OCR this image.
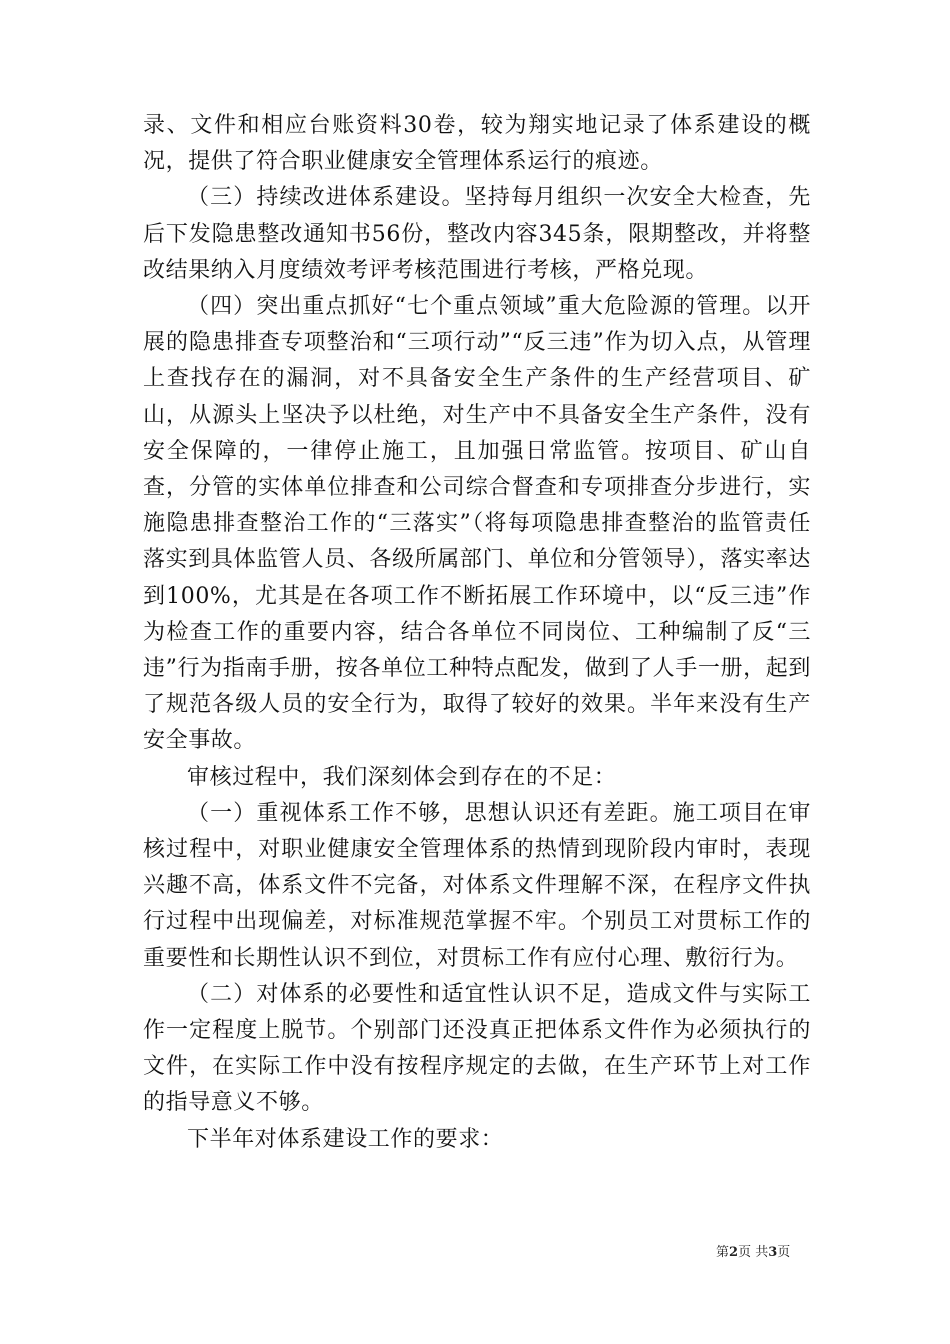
录、文件和相应台账资料30卷，较为翔实地记录了体系建设的概况，提供了符合职业健康安全管理体系运行的痕迹。

（三）持续改进体系建设。坚持每月组织一次安全大检查，先后下发隐患整改通知书56份，整改内容345条，限期整改，并将整改结果纳入月度绩效考评考核范围进行考核，严格兑现。

（四）突出重点抓好“七个重点领域”重大危险源的管理。以开展的隐患排查专项整治和“三项行动”“反三违”作为切入点，从管理上查找存在的漏洞，对不具备安全生产条件的生产经营项目、矿山，从源头上坚决予以杜绝，对生产中不具备安全生产条件，没有安全保障的，一律停止施工，且加强日常监管。按项目、矿山自查，分管的实体单位排查和公司综合督查和专项排查分步进行，实施隐患排查整治工作的“三落实”（将每项隐患排查整治的监管责任落实到具体监管人员、各级所属部门、单位和分管领导），落实率达到100%，尤其是在各项工作不断拓展工作环境中，以“反三违”作为检查工作的重要内容，结合各单位不同岗位、工种编制了反“三违”行为指南手册，按各单位工种特点配发，做到了人手一册，起到了规范各级人员的安全行为，取得了较好的效果。半年来没有生产安全事故。

审核过程中，我们深刻体会到存在的不足：

（一）重视体系工作不够，思想认识还有差距。施工项目在审核过程中，对职业健康安全管理体系的热情到现阶段内审时，表现兴趣不高，体系文件不完备，对体系文件理解不深，在程序文件执行过程中出现偏差，对标准规范掌握不牢。个别员工对贯标工作的重要性和长期性认识不到位，对贯标工作有应付心理、敷衍行为。

（二）对体系的必要性和适宜性认识不足，造成文件与实际工作一定程度上脱节。个别部门还没真正把体系文件作为必须执行的文件，在实际工作中没有按程序规定的去做，在生产环节上对工作的指导意义不够。

下半年对体系建设工作的要求：

第2页 共3页
